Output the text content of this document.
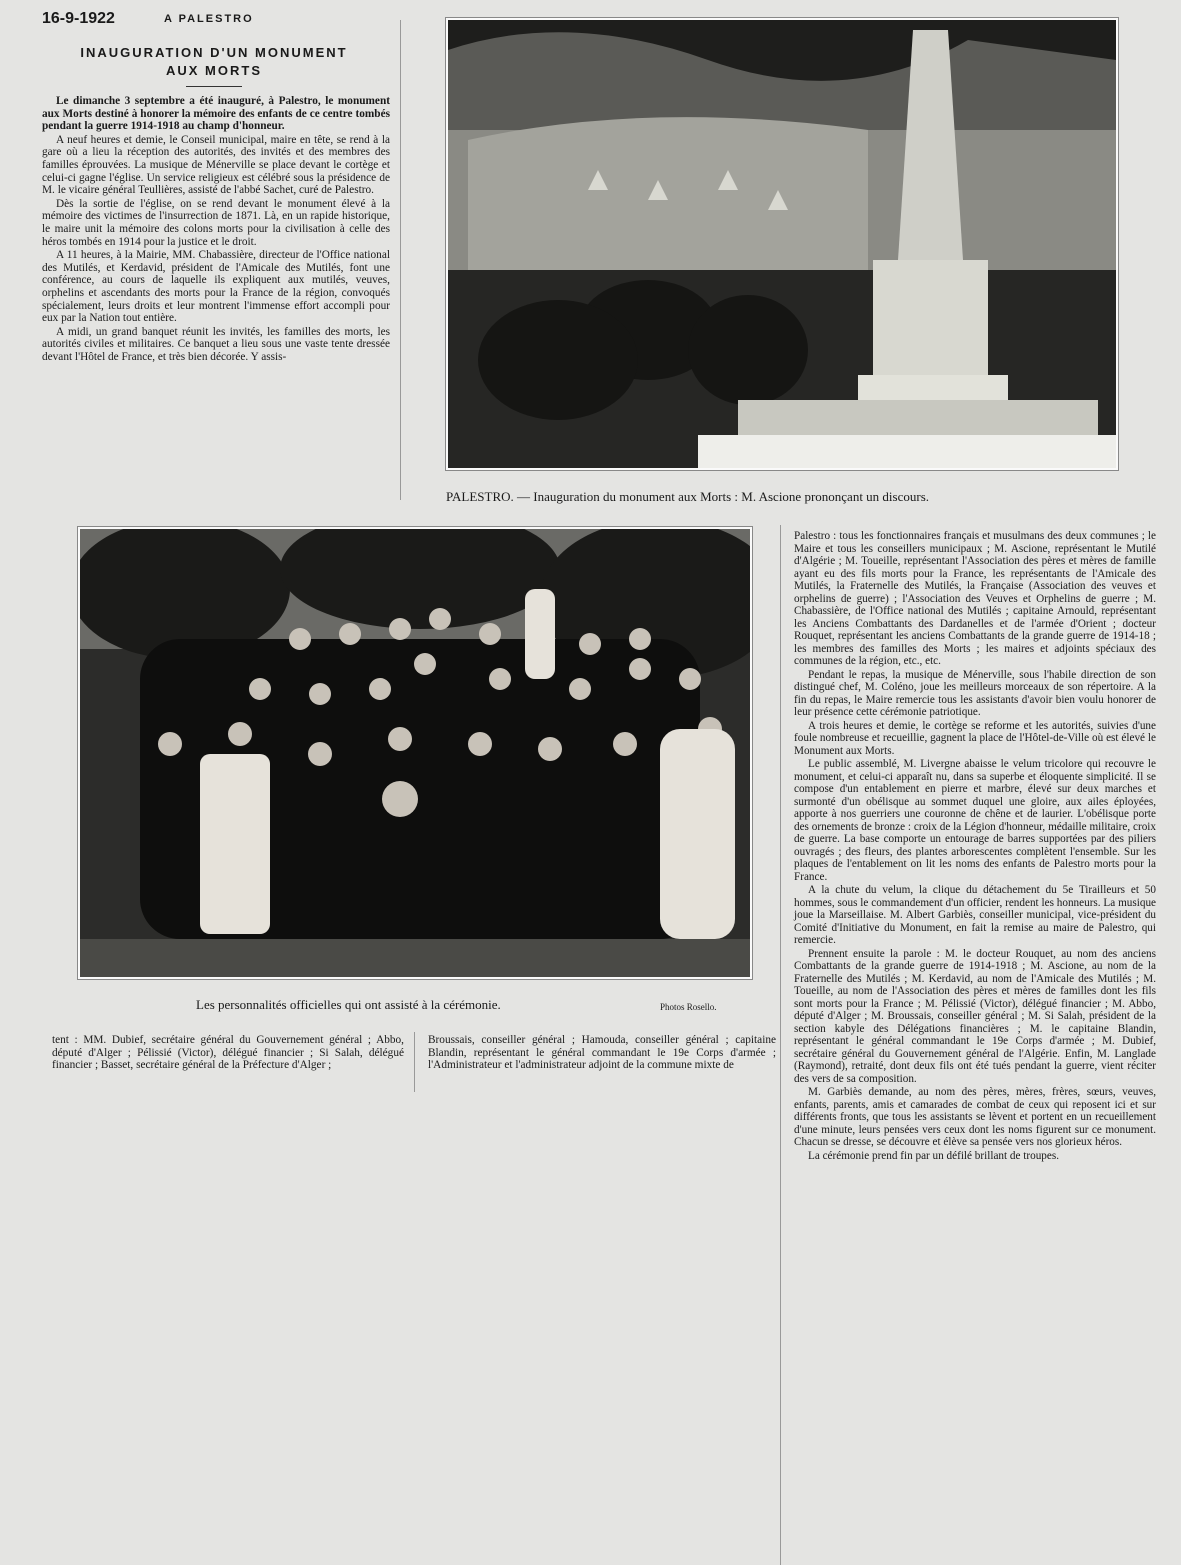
16-9-1922	A PALESTRO
INAUGURATION D'UN MONUMENT
AUX MORTS

Le dimanche 3 septembre a été inauguré, à Palestro, le monument aux Morts destiné à honorer la mémoire des enfants de ce centre tombés pendant la guerre 1914-1918 au champ d'honneur.

A neuf heures et demie, le Conseil municipal, maire en tête, se rend à la gare où a lieu la réception des autorités, des invités et des membres des familles éprouvées. La musique de Ménerville se place devant le cortège et celui-ci gagne l'église. Un service religieux est célébré sous la présidence de M. le vicaire général Teullières, assisté de l'abbé Sachet, curé de Palestro.

Dès la sortie de l'église, on se rend devant le monument élevé à la mémoire des victimes de l'insurrection de 1871. Là, en un rapide historique, le maire unit la mémoire des colons morts pour la civilisation à celle des héros tombés en 1914 pour la justice et le droit.

A 11 heures, à la Mairie, MM. Chabassière, directeur de l'Office national des Mutilés, et Kerdavid, président de l'Amicale des Mutilés, font une conférence, au cours de laquelle ils expliquent aux mutilés, veuves, orphelins et ascendants des morts pour la France de la région, convoqués spécialement, leurs droits et leur montrent l'immense effort accompli pour eux par la Nation tout entière.

A midi, un grand banquet réunit les invités, les familles des morts, les autorités civiles et militaires. Ce banquet a lieu sous une vaste tente dressée devant l'Hôtel de France, et très bien décorée. Y assis-

PALESTRO. — Inauguration du monument aux Morts : M. Ascione prononçant un discours.
Les personnalités officielles qui ont assisté à la cérémonie.	Photos Rosello.

tent : MM. Dubief, secrétaire général du Gouvernement général ; Abbo, député d'Alger ; Pélissié (Victor), délégué financier ; Si Salah, délégué financier ; Basset, secrétaire général de la Préfecture d'Alger ;

Broussais, conseiller général ; Hamouda, conseiller général ; capitaine Blandin, représentant le général commandant le 19e Corps d'armée ; l'Administrateur et l'administrateur adjoint de la commune mixte de

Palestro : tous les fonctionnaires français et musulmans des deux communes ; le Maire et tous les conseillers municipaux ; M. Ascione, représentant le Mutilé d'Algérie ; M. Toueille, représentant l'Association des pères et mères de famille ayant eu des fils morts pour la France, les représentants de l'Amicale des Mutilés, la Fraternelle des Mutilés, la Française (Association des veuves et orphelins de guerre) ; l'Association des Veuves et Orphelins de guerre ; M. Chabassière, de l'Office national des Mutilés ; capitaine Arnould, représentant les Anciens Combattants des Dardanelles et de l'armée d'Orient ; docteur Rouquet, représentant les anciens Combattants de la grande guerre de 1914-18 ; les membres des familles des Morts ; les maires et adjoints spéciaux des communes de la région, etc., etc.

Pendant le repas, la musique de Ménerville, sous l'habile direction de son distingué chef, M. Coléno, joue les meilleurs morceaux de son répertoire. A la fin du repas, le Maire remercie tous les assistants d'avoir bien voulu honorer de leur présence cette cérémonie patriotique.

A trois heures et demie, le cortège se reforme et les autorités, suivies d'une foule nombreuse et recueillie, gagnent la place de l'Hôtel-de-Ville où est élevé le Monument aux Morts.

Le public assemblé, M. Livergne abaisse le velum tricolore qui recouvre le monument, et celui-ci apparaît nu, dans sa superbe et éloquente simplicité. Il se compose d'un entablement en pierre et marbre, élevé sur deux marches et surmonté d'un obélisque au sommet duquel une gloire, aux ailes éployées, apporte à nos guerriers une couronne de chêne et de laurier. L'obélisque porte des ornements de bronze : croix de la Légion d'honneur, médaille militaire, croix de guerre. La base comporte un entourage de barres supportées par des piliers ouvragés ; des fleurs, des plantes arborescentes complètent l'ensemble. Sur les plaques de l'entablement on lit les noms des enfants de Palestro morts pour la France.

A la chute du velum, la clique du détachement du 5e Tirailleurs et 50 hommes, sous le commandement d'un officier, rendent les honneurs. La musique joue la Marseillaise. M. Albert Garbiès, conseiller municipal, vice-président du Comité d'Initiative du Monument, en fait la remise au maire de Palestro, qui remercie.

Prennent ensuite la parole : M. le docteur Rouquet, au nom des anciens Combattants de la grande guerre de 1914-1918 ; M. Ascione, au nom de la Fraternelle des Mutilés ; M. Kerdavid, au nom de l'Amicale des Mutilés ; M. Toueille, au nom de l'Association des pères et mères de familles dont les fils sont morts pour la France ; M. Pélissié (Victor), délégué financier ; M. Abbo, député d'Alger ; M. Broussais, conseiller général ; M. Si Salah, président de la section kabyle des Délégations financières ; M. le capitaine Blandin, représentant le général commandant le 19e Corps d'armée ; M. Dubief, secrétaire général du Gouvernement général de l'Algérie. Enfin, M. Langlade (Raymond), retraité, dont deux fils ont été tués pendant la guerre, vient réciter des vers de sa composition.

M. Garbiès demande, au nom des pères, mères, frères, sœurs, veuves, enfants, parents, amis et camarades de combat de ceux qui reposent ici et sur différents fronts, que tous les assistants se lèvent et portent en un recueillement d'une minute, leurs pensées vers ceux dont les noms figurent sur ce monument. Chacun se dresse, se découvre et élève sa pensée vers nos glorieux héros.

La cérémonie prend fin par un défilé brillant de troupes.
